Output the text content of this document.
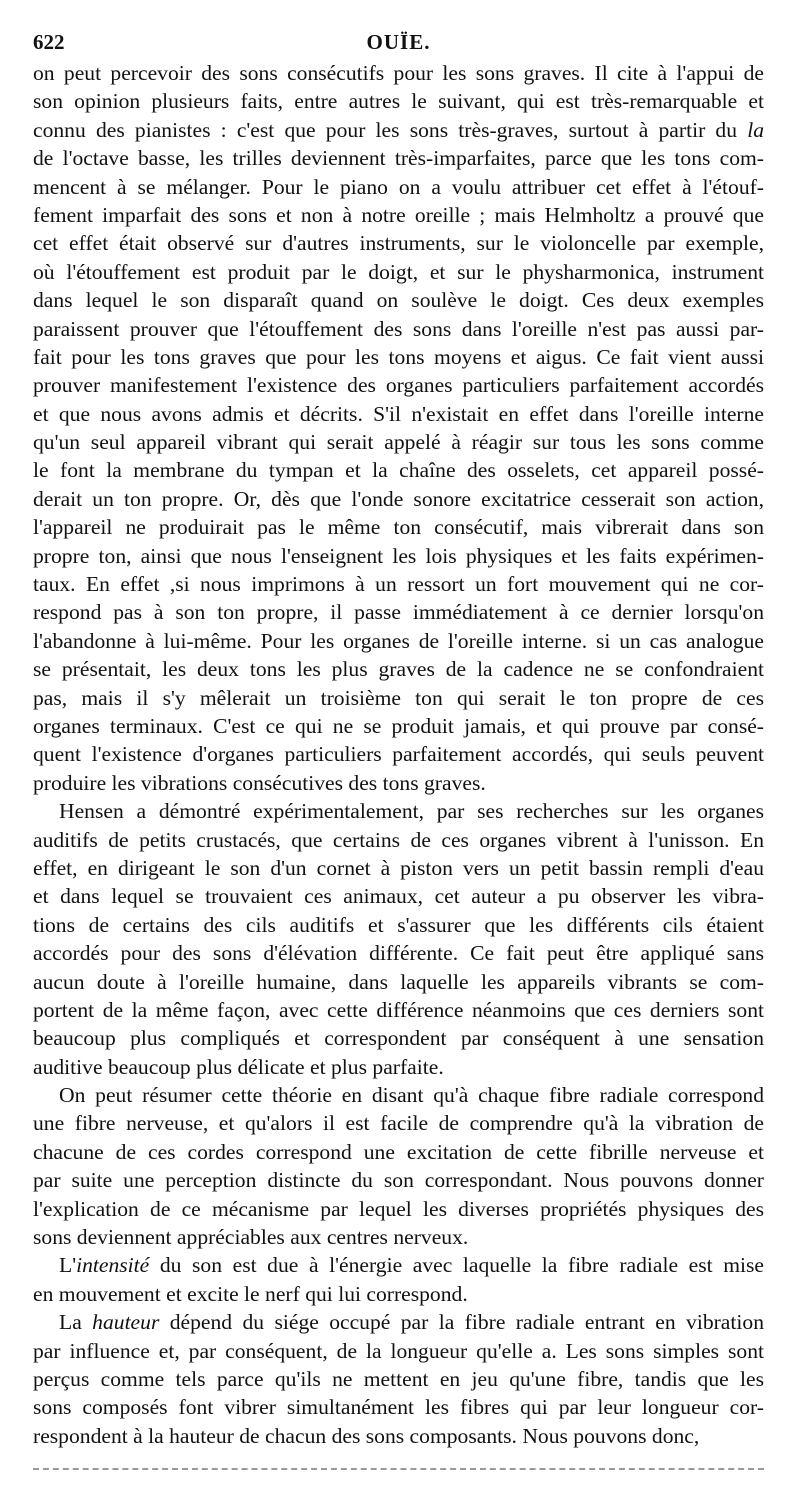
622	OUÏE.
on peut percevoir des sons consécutifs pour les sons graves. Il cite à l'appui de
son opinion plusieurs faits, entre autres le suivant, qui est très-remarquable et
connu des pianistes : c'est que pour les sons très-graves, surtout à partir du la
de l'octave basse, les trilles deviennent très-imparfaites, parce que les tons com-
mencent à se mélanger. Pour le piano on a voulu attribuer cet effet à l'étouf-
fement imparfait des sons et non à notre oreille ; mais Helmholtz a prouvé que
cet effet était observé sur d'autres instruments, sur le violoncelle par exemple,
où l'étouffement est produit par le doigt, et sur le physharmonica, instrument
dans lequel le son disparaît quand on soulève le doigt. Ces deux exemples
paraissent prouver que l'étouffement des sons dans l'oreille n'est pas aussi par-
fait pour les tons graves que pour les tons moyens et aigus. Ce fait vient aussi
prouver manifestement l'existence des organes particuliers parfaitement accordés
et que nous avons admis et décrits. S'il n'existait en effet dans l'oreille interne
qu'un seul appareil vibrant qui serait appelé à réagir sur tous les sons comme
le font la membrane du tympan et la chaîne des osselets, cet appareil possé-
derait un ton propre. Or, dès que l'onde sonore excitatrice cesserait son action,
l'appareil ne produirait pas le même ton consécutif, mais vibrerait dans son
propre ton, ainsi que nous l'enseignent les lois physiques et les faits expérimen-
taux. En effet ,si nous imprimons à un ressort un fort mouvement qui ne cor-
respond pas à son ton propre, il passe immédiatement à ce dernier lorsqu'on
l'abandonne à lui-même. Pour les organes de l'oreille interne. si un cas analogue
se présentait, les deux tons les plus graves de la cadence ne se confondraient
pas, mais il s'y mêlerait un troisième ton qui serait le ton propre de ces
organes terminaux. C'est ce qui ne se produit jamais, et qui prouve par consé-
quent l'existence d'organes particuliers parfaitement accordés, qui seuls peuvent
produire les vibrations consécutives des tons graves.
Hensen a démontré expérimentalement, par ses recherches sur les organes
auditifs de petits crustacés, que certains de ces organes vibrent à l'unisson. En
effet, en dirigeant le son d'un cornet à piston vers un petit bassin rempli d'eau
et dans lequel se trouvaient ces animaux, cet auteur a pu observer les vibra-
tions de certains des cils auditifs et s'assurer que les différents cils étaient
accordés pour des sons d'élévation différente. Ce fait peut être appliqué sans
aucun doute à l'oreille humaine, dans laquelle les appareils vibrants se com-
portent de la même façon, avec cette différence néanmoins que ces derniers sont
beaucoup plus compliqués et correspondent par conséquent à une sensation
auditive beaucoup plus délicate et plus parfaite.
On peut résumer cette théorie en disant qu'à chaque fibre radiale correspond
une fibre nerveuse, et qu'alors il est facile de comprendre qu'à la vibration de
chacune de ces cordes correspond une excitation de cette fibrille nerveuse et
par suite une perception distincte du son correspondant. Nous pouvons donner
l'explication de ce mécanisme par lequel les diverses propriétés physiques des
sons deviennent appréciables aux centres nerveux.
L'intensité du son est due à l'énergie avec laquelle la fibre radiale est mise
en mouvement et excite le nerf qui lui correspond.
La hauteur dépend du siége occupé par la fibre radiale entrant en vibration
par influence et, par conséquent, de la longueur qu'elle a. Les sons simples sont
perçus comme tels parce qu'ils ne mettent en jeu qu'une fibre, tandis que les
sons composés font vibrer simultanément les fibres qui par leur longueur cor-
respondent à la hauteur de chacun des sons composants. Nous pouvons donc,
